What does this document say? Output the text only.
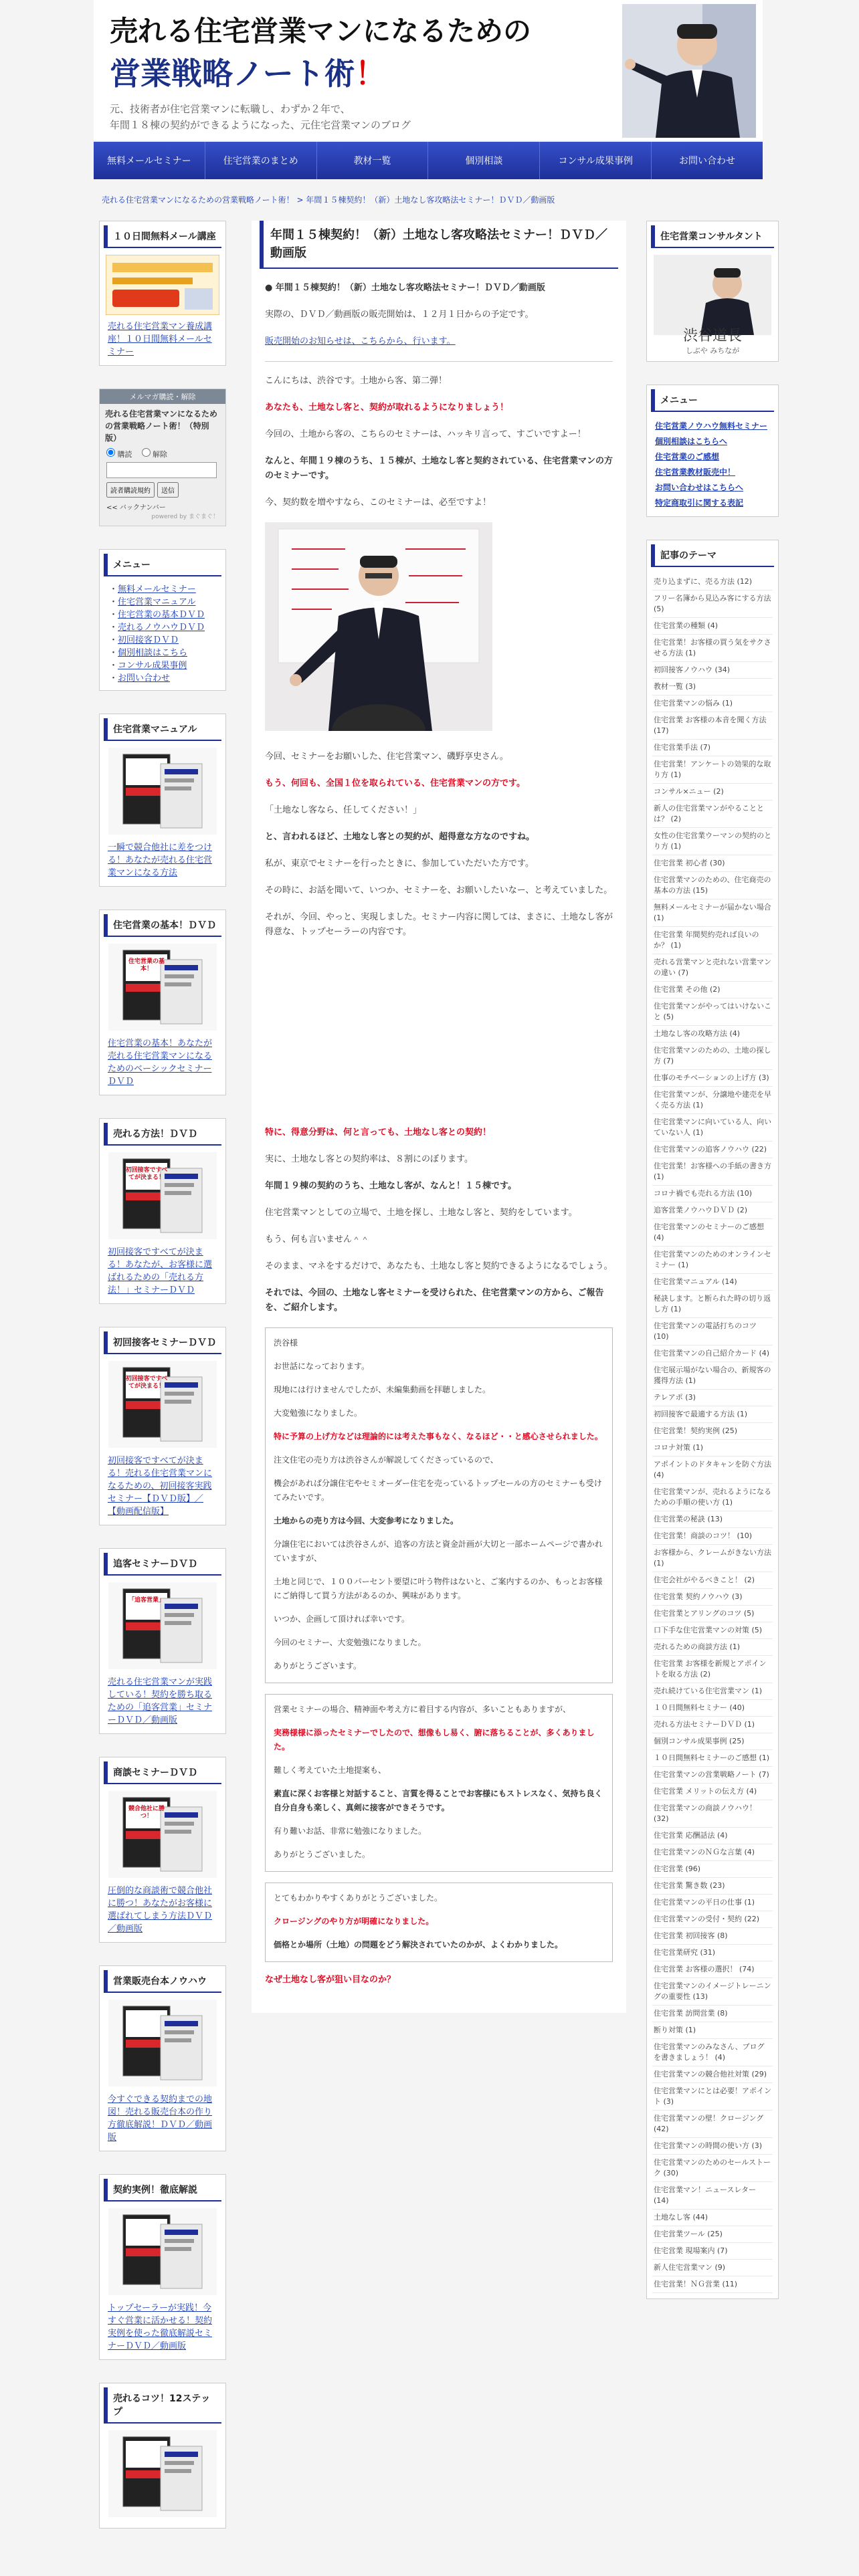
売れる住宅営業マンになるための
営業戦略ノート術！
元、技術者が住宅営業マンに転職し、わずか２年で、
年間１８棟の契約ができるようになった、元住宅営業マンのブログ
無料メールセミナー	住宅営業のまとめ	教材一覧	個別相談	コンサル成果事例	お問い合わせ
売れる住宅営業マンになるための営業戦略ノート術！ > 年間１５棟契約！（新）土地なし客攻略法セミナー！ＤＶＤ／動画版
１０日間無料メール講座
売れる住宅営業マン養成講座！１０日間無料メールセミナー
メルマガ購読・解除
売れる住宅営業マンになるための営業戦略ノート術！（特別版）
購読	解除
読者購読規約	送信
<< バックナンバー
powered by まぐまぐ！
メニュー
・ 無料メールセミナー
・ 住宅営業マニュアル
・ 住宅営業の基本ＤＶＤ
・ 売れるノウハウＤＶＤ
・ 初回接客ＤＶＤ
・ 個別相談はこちら
・ コンサル成果事例
・ お問い合わせ
住宅営業マニュアル
一瞬で競合他社に差をつける！あなたが売れる住宅営業マンになる方法
住宅営業の基本！ＤＶＤ
住宅営業の基本！
住宅営業の基本！あなたが売れる住宅営業マンになるためのベーシックセミナーＤＶＤ
売れる方法！ＤＶＤ
初回接客ですべてが決まる！
初回接客ですべてが決まる！あなたが、お客様に選ばれるための「売れる方法！」セミナーＤＶＤ
初回接客セミナーＤＶＤ
初回接客ですべてが決まる！
初回接客ですべてが決まる！売れる住宅営業マンになるための、初回接客実践セミナー【ＤＶＤ版】／【動画配信版】
追客セミナーＤＶＤ
「追客営業」
売れる住宅営業マンが実践している！契約を勝ち取るための「追客営業」セミナーＤＶＤ／動画版
商談セミナーＤＶＤ
競合他社に勝つ！
圧倒的な商談術で競合他社に勝つ！あなたがお客様に選ばれてしまう方法ＤＶＤ／動画版
営業販売台本ノウハウ
今すぐできる契約までの地図！売れる販売台本の作り方徹底解説！ＤＶＤ／動画版
契約実例！徹底解説
トップセーラーが実践！今すぐ営業に活かせる！契約実例を使った徹底解説セミナーＤＶＤ／動画版
売れるコツ！12ステップ
年間１５棟契約！（新）土地なし客攻略法セミナー！ＤＶＤ／動画版
● 年間１５棟契約！（新）土地なし客攻略法セミナー！ＤＶＤ／動画版
実際の、ＤＶＤ／動画版の販売開始は、１２月１日からの予定です。
販売開始のお知らせは、こちらから、行います。
こんにちは、渋谷です。土地から客、第二弾！
あなたも、土地なし客と、契約が取れるようになりましょう！
今回の、土地から客の、こちらのセミナーは、ハッキリ言って、すごいですよー！
なんと、年間１９棟のうち、１５棟が、土地なし客と契約されている、住宅営業マンの方のセミナーです。
今、契約数を増やすなら、このセミナーは、必至ですよ！
今回、セミナーをお願いした、住宅営業マン、磯野享史さん。
もう、何回も、全国１位を取られている、住宅営業マンの方です。
「土地なし客なら、任してください！」
と、言われるほど、土地なし客との契約が、超得意な方なのですね。
私が、東京でセミナーを行ったときに、参加していただいた方です。
その時に、お話を聞いて、いつか、セミナーを、お願いしたいなー、と考えていました。
それが、今回、やっと、実現しました。セミナー内容に関しては、まさに、土地なし客が得意な、トップセーラーの内容です。
特に、得意分野は、何と言っても、土地なし客との契約！
実に、土地なし客との契約率は、８割にのぼります。
年間１９棟の契約のうち、土地なし客が、なんと！１５棟です。
住宅営業マンとしての立場で、土地を探し、土地なし客と、契約をしています。
もう、何も言いません＾＾
そのまま、マネをするだけで、あなたも、土地なし客と契約できるようになるでしょう。
それでは、今回の、土地なし客セミナーを受けられた、住宅営業マンの方から、ご報告を、ご紹介します。
渋谷様
お世話になっております。
現地には行けませんでしたが、未編集動画を拝聴しました。
大変勉強になりました。
特に予算の上げ方などは理論的には考えた事もなく、なるほど・・と感心させられました。
注文住宅の売り方は渋谷さんが解説してくださっているので、
機会があれば分譲住宅やセミオーダー住宅を売っているトップセールの方のセミナーも受けてみたいです。
土地からの売り方は今回、大変参考になりました。
分譲住宅においては渋谷さんが、追客の方法と資金計画が大切と一部ホームページで書かれていますが、
土地と同じで、１００パーセント要望に叶う物件はないと、ご案内するのか、もっとお客様にご納得して買う方法があるのか、興味があります。
いつか、企画して頂ければ幸いです。
今回のセミナー、大変勉強になりました。
ありがとうございます。
営業セミナーの場合、精神面や考え方に着目する内容が、多いこともありますが、
実務様様に添ったセミナーでしたので、想像もし易く、腑に落ちることが、多くありました。
難しく考えていた土地提案も、
素直に深くお客様と対話すること、言質を得ることでお客様にもストレスなく、気持ち良く自分自身も楽しく、真剣に接客ができそうです。
有り難いお話、非常に勉強になりました。
ありがとうございました。
とてもわかりやすくありがとうございました。
クロージングのやり方が明確になりました。
価格とか場所（土地）の問題をどう解決されていたのかが、よくわかりました。
なぜ土地なし客が狙い目なのか？
住宅営業コンサルタント
渋谷道長
しぶや みちなが
メニュー
住宅営業ノウハウ無料セミナー
個別相談はこちらへ
住宅営業のご感想
住宅営業教材販売中！
お問い合わせはこちらへ
特定商取引に関する表記
記事のテーマ
売り込まずに、売る方法 (12)
フリー名簿から見込み客にする方法 (5)
住宅営業の種類 (4)
住宅営業！お客様の買う気をサクさせる方法 (1)
初回接客ノウハウ (34)
教材一覧 (3)
住宅営業マンの悩み (1)
住宅営業 お客様の本音を聞く方法 (17)
住宅営業手法 (7)
住宅営業！アンケートの効果的な取り方 (1)
コンサル×ニュー (2)
新人の住宅営業マンがやることとは？ (2)
女性の住宅営業ウーマンの契約のとり方 (1)
住宅営業 初心者 (30)
住宅営業マンのための、住宅商売の基本の方法 (15)
無料メールセミナーが届かない場合 (1)
住宅営業 年間契約売れば良いのか？ (1)
売れる営業マンと売れない営業マンの違い (7)
住宅営業 その他 (2)
住宅営業マンがやってはいけないこと (5)
土地なし客の攻略方法 (4)
住宅営業マンのための、土地の探し方 (7)
仕事のモチベーションの上げ方 (3)
住宅営業マンが、分譲地や建売を早く売る方法 (1)
住宅営業マンに向いている人、向いていない人 (1)
住宅営業マンの追客ノウハウ (22)
住宅営業！お客様への手紙の書き方 (1)
コロナ禍でも売れる方法 (10)
追客営業ノウハウＤＶＤ (2)
住宅営業マンのセミナーのご感想 (4)
住宅営業マンのためのオンラインセミナー (1)
住宅営業マニュアル (14)
秘訣します。と断られた時の切り返し方 (1)
住宅営業マンの電話打ちのコツ (10)
住宅営業マンの自己紹介カード (4)
住宅展示場がない場合の、新規客の獲得方法 (1)
テレアポ (3)
初回接客で最適する方法 (1)
住宅営業！契約実例 (25)
コロナ対策 (1)
アポイントのドタキャンを防ぐ方法 (4)
住宅営業マンが、売れるようになるための手順の使い方 (1)
住宅営業の秘訣 (13)
住宅営業！商談のコツ！ (10)
お客様から、クレームがきない方法 (1)
住宅会社がやるべきこと！ (2)
住宅営業 契約ノウハウ (3)
住宅営業とアリングのコツ (5)
口下手な住宅営業マンの対策 (5)
売れるための商談方法 (1)
住宅営業 お客様を新規とアポイントを取る方法 (2)
売れ続けている住宅営業マン (1)
１０日間無料セミナー (40)
売れる方法セミナーＤＶＤ (1)
個別コンサル成果事例 (25)
１０日間無料セミナーのご感想 (1)
住宅営業マンの営業戦略ノート (7)
住宅営業 メリットの伝え方 (4)
住宅営業マンの商談ノウハウ！ (32)
住宅営業 応酬話法 (4)
住宅営業マンのＮＧな言葉 (4)
住宅営業 (96)
住宅営業 驚き数 (23)
住宅営業マンの平日の仕事 (1)
住宅営業マンの受付・契約 (22)
住宅営業 初回接客 (8)
住宅営業研究 (31)
住宅営業 お客様の選択！ (74)
住宅営業マンのイメージトレーニングの重要性 (13)
住宅営業 訪問営業 (8)
断り対策 (1)
住宅営業マンのみなさん、ブログを書きましょう！ (4)
住宅営業マンの競合他社対策 (29)
住宅営業マンにとは必要！アポイント (3)
住宅営業マンの壁！クロージング (42)
住宅営業マンの時間の使い方 (3)
住宅営業マンのためのセールストーク (30)
住宅営業マン！ニュースレター (14)
土地なし客 (44)
住宅営業ツール (25)
住宅営業 現場案内 (7)
新人住宅営業マン (9)
住宅営業！ＮＧ営業 (11)
